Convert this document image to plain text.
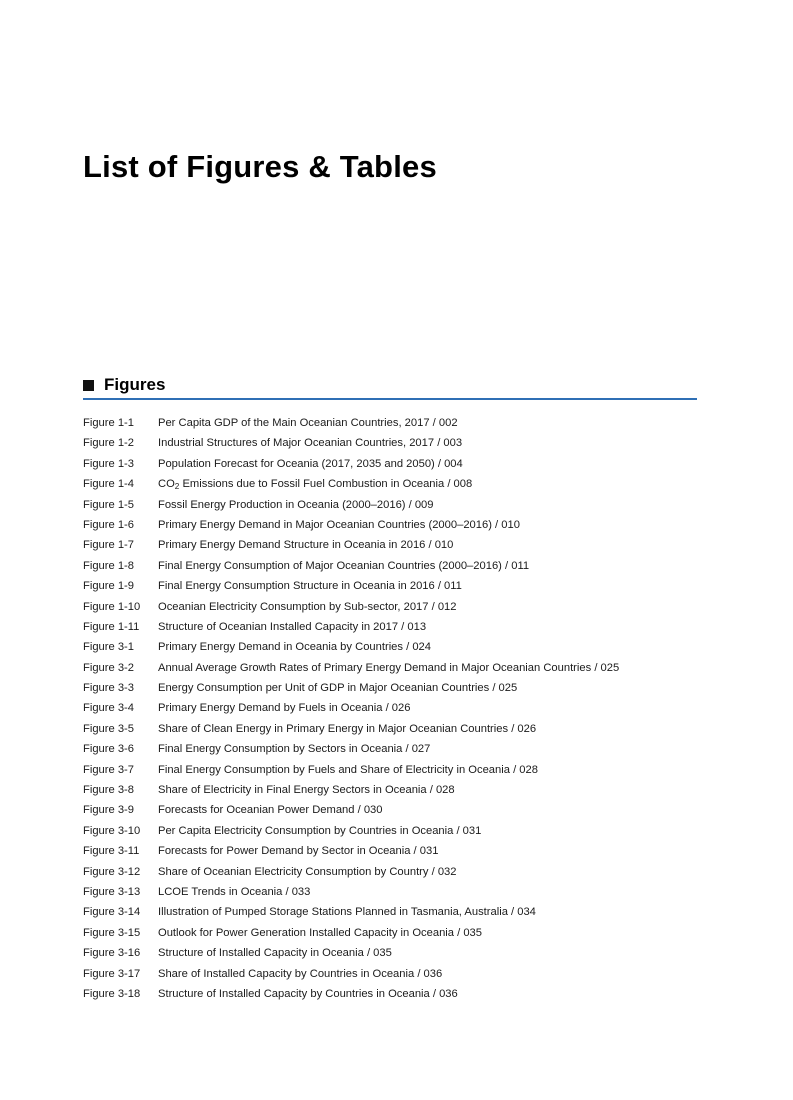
List of Figures & Tables
Figures
Figure 1-1	Per Capita GDP of the Main Oceanian Countries, 2017 / 002
Figure 1-2	Industrial Structures of Major Oceanian Countries, 2017 / 003
Figure 1-3	Population Forecast for Oceania (2017, 2035 and 2050) / 004
Figure 1-4	$CO_2$ Emissions due to Fossil Fuel Combustion in Oceania / 008
Figure 1-5	Fossil Energy Production in Oceania (2000–2016) / 009
Figure 1-6	Primary Energy Demand in Major Oceanian Countries (2000–2016) / 010
Figure 1-7	Primary Energy Demand Structure in Oceania in 2016 / 010
Figure 1-8	Final Energy Consumption of Major Oceanian Countries (2000–2016) / 011
Figure 1-9	Final Energy Consumption Structure in Oceania in 2016 / 011
Figure 1-10	Oceanian Electricity Consumption by Sub-sector, 2017 / 012
Figure 1-11	Structure of Oceanian Installed Capacity in 2017 / 013
Figure 3-1	Primary Energy Demand in Oceania by Countries / 024
Figure 3-2	Annual Average Growth Rates of Primary Energy Demand in Major Oceanian Countries / 025
Figure 3-3	Energy Consumption per Unit of GDP in Major Oceanian Countries / 025
Figure 3-4	Primary Energy Demand by Fuels in Oceania / 026
Figure 3-5	Share of Clean Energy in Primary Energy in Major Oceanian Countries / 026
Figure 3-6	Final Energy Consumption by Sectors in Oceania / 027
Figure 3-7	Final Energy Consumption by Fuels and Share of Electricity in Oceania / 028
Figure 3-8	Share of Electricity in Final Energy Sectors in Oceania / 028
Figure 3-9	Forecasts for Oceanian Power Demand / 030
Figure 3-10	Per Capita Electricity Consumption by Countries in Oceania / 031
Figure 3-11	Forecasts for Power Demand by Sector in Oceania / 031
Figure 3-12	Share of Oceanian Electricity Consumption by Country / 032
Figure 3-13	LCOE Trends in Oceania / 033
Figure 3-14	Illustration of Pumped Storage Stations Planned in Tasmania, Australia / 034
Figure 3-15	Outlook for Power Generation Installed Capacity in Oceania / 035
Figure 3-16	Structure of Installed Capacity in Oceania / 035
Figure 3-17	Share of Installed Capacity by Countries in Oceania / 036
Figure 3-18	Structure of Installed Capacity by Countries in Oceania / 036
